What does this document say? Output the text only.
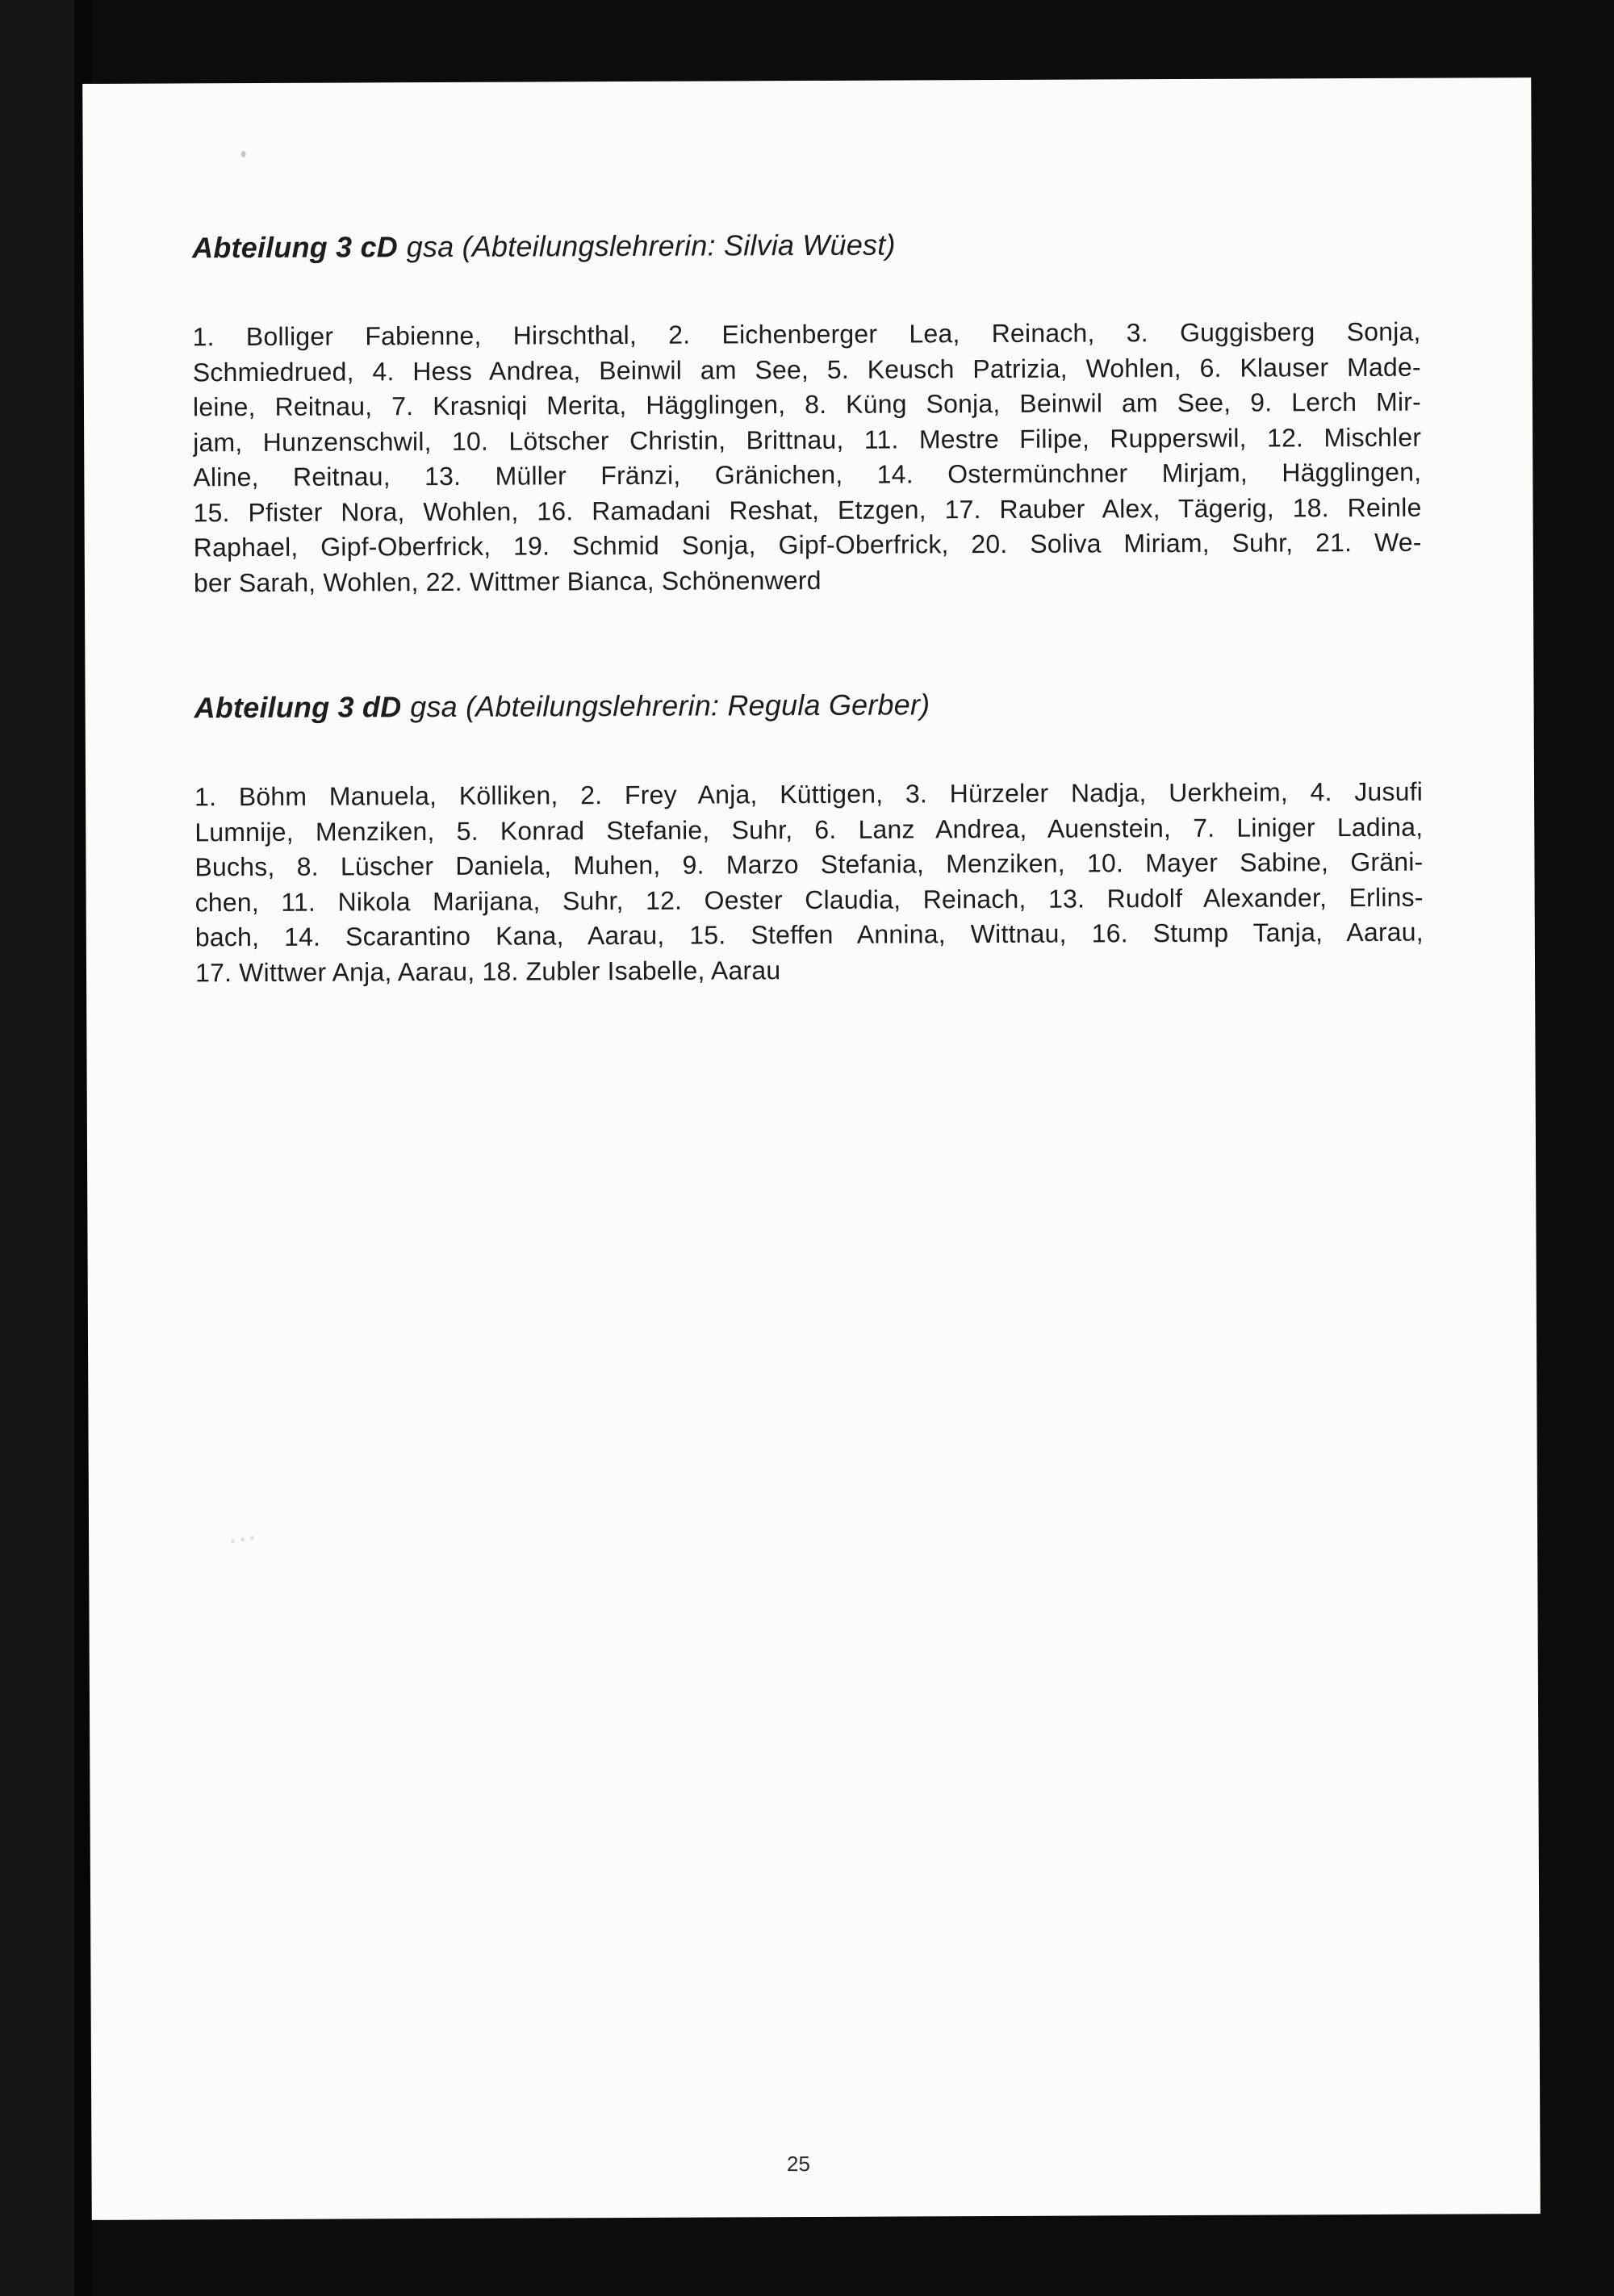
Abteilung 3 cD gsa (Abteilungslehrerin: Silvia Wüest)
1. Bolliger Fabienne, Hirschthal, 2. Eichenberger Lea, Reinach, 3. Guggisberg Sonja,
Schmiedrued, 4. Hess Andrea, Beinwil am See, 5. Keusch Patrizia, Wohlen, 6. Klauser Made-
leine, Reitnau, 7. Krasniqi Merita, Hägglingen, 8. Küng Sonja, Beinwil am See, 9. Lerch Mir-
jam, Hunzenschwil, 10. Lötscher Christin, Brittnau, 11. Mestre Filipe, Rupperswil, 12. Mischler
Aline, Reitnau, 13. Müller Fränzi, Gränichen, 14. Ostermünchner Mirjam, Hägglingen,
15. Pfister Nora, Wohlen, 16. Ramadani Reshat, Etzgen, 17. Rauber Alex, Tägerig, 18. Reinle
Raphael, Gipf-Oberfrick, 19. Schmid Sonja, Gipf-Oberfrick, 20. Soliva Miriam, Suhr, 21. We-
ber Sarah, Wohlen, 22. Wittmer Bianca, Schönenwerd
Abteilung 3 dD gsa (Abteilungslehrerin: Regula Gerber)
1. Böhm Manuela, Kölliken, 2. Frey Anja, Küttigen, 3. Hürzeler Nadja, Uerkheim, 4. Jusufi
Lumnije, Menziken, 5. Konrad Stefanie, Suhr, 6. Lanz Andrea, Auenstein, 7. Liniger Ladina,
Buchs, 8. Lüscher Daniela, Muhen, 9. Marzo Stefania, Menziken, 10. Mayer Sabine, Gräni-
chen, 11. Nikola Marijana, Suhr, 12. Oester Claudia, Reinach, 13. Rudolf Alexander, Erlins-
bach, 14. Scarantino Kana, Aarau, 15. Steffen Annina, Wittnau, 16. Stump Tanja, Aarau,
17. Wittwer Anja, Aarau, 18. Zubler Isabelle, Aarau
25
